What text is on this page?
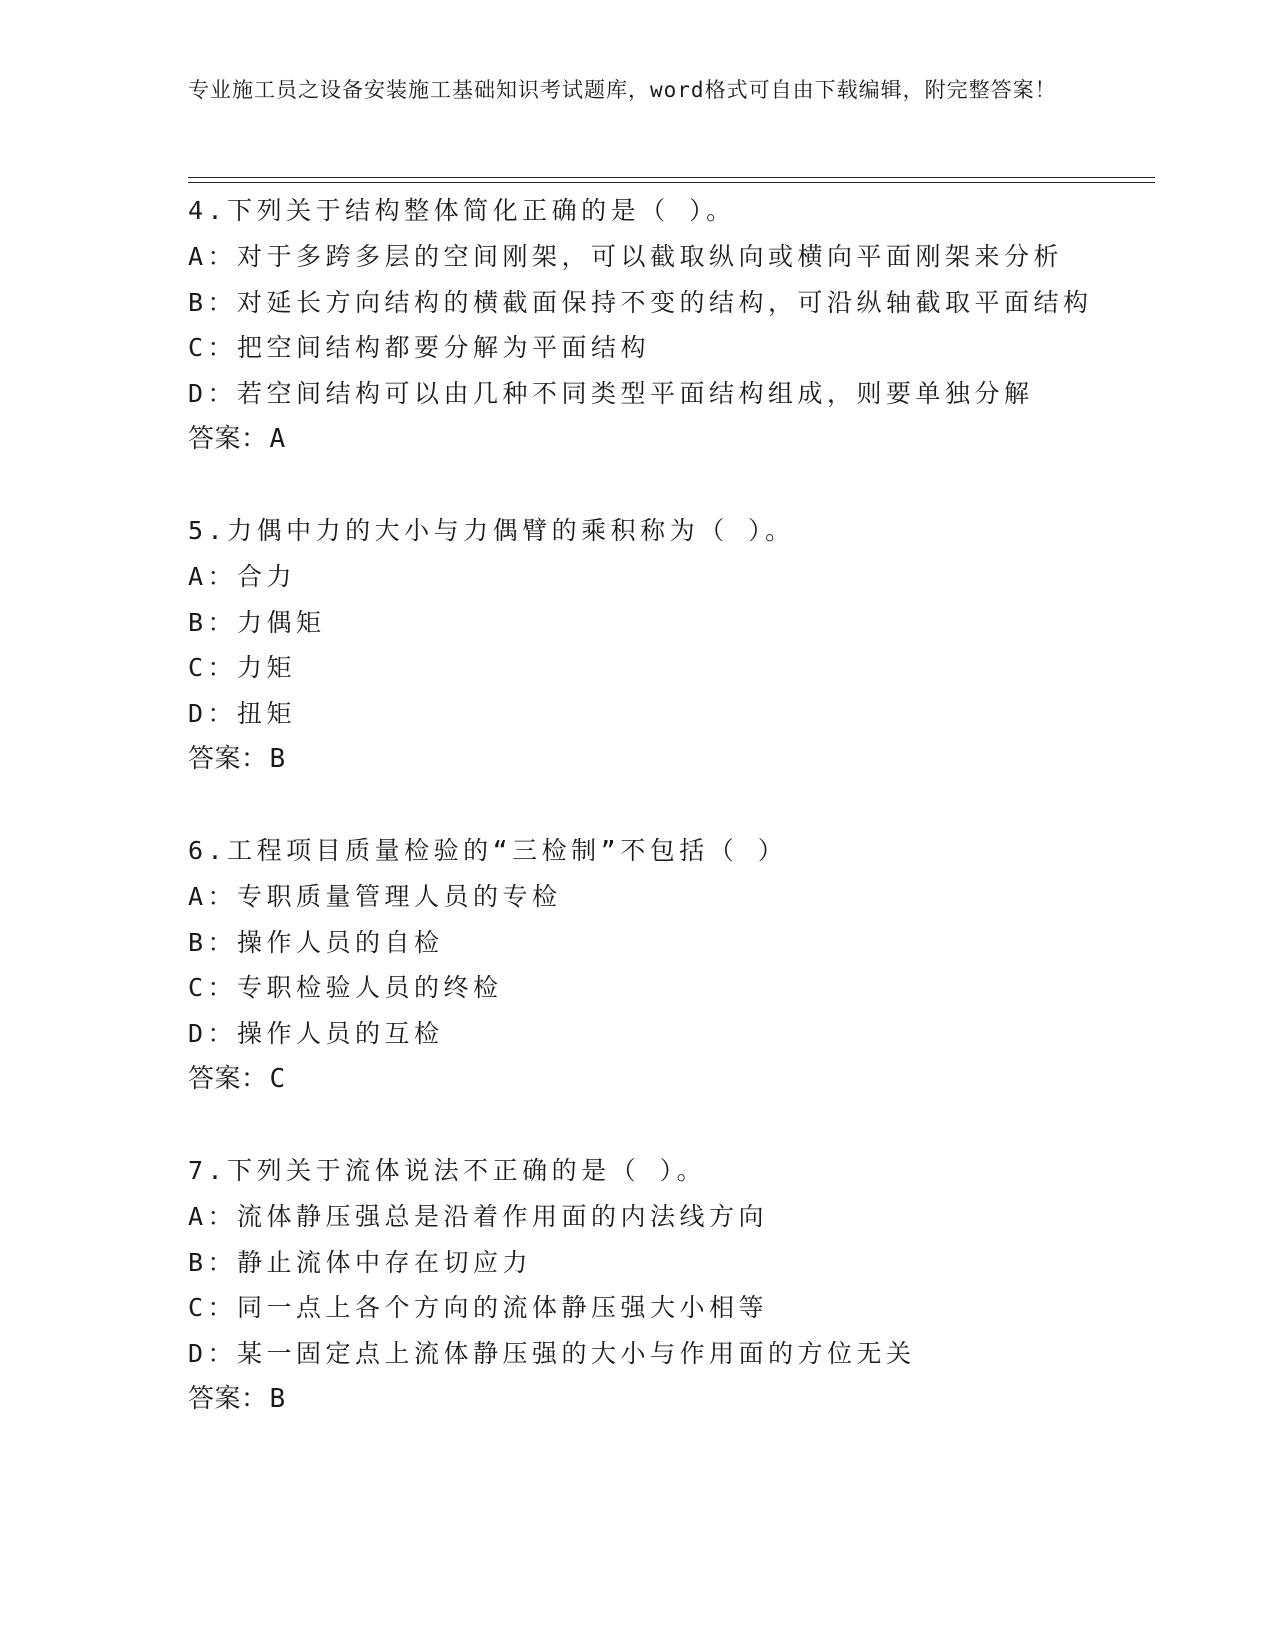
专业施工员之设备安装施工基础知识考试题库，word格式可自由下载编辑，附完整答案！
4.下列关于结构整体简化正确的是（ ）。
A：对于多跨多层的空间刚架，可以截取纵向或横向平面刚架来分析
B：对延长方向结构的横截面保持不变的结构，可沿纵轴截取平面结构
C：把空间结构都要分解为平面结构
D：若空间结构可以由几种不同类型平面结构组成，则要单独分解
答案：A
5.力偶中力的大小与力偶臂的乘积称为（ ）。
A：合力
B：力偶矩
C：力矩
D：扭矩
答案：B
6.工程项目质量检验的“三检制”不包括（ ）
A：专职质量管理人员的专检
B：操作人员的自检
C：专职检验人员的终检
D：操作人员的互检
答案：C
7.下列关于流体说法不正确的是（ ）。
A：流体静压强总是沿着作用面的内法线方向
B：静止流体中存在切应力
C：同一点上各个方向的流体静压强大小相等
D：某一固定点上流体静压强的大小与作用面的方位无关
答案：B
